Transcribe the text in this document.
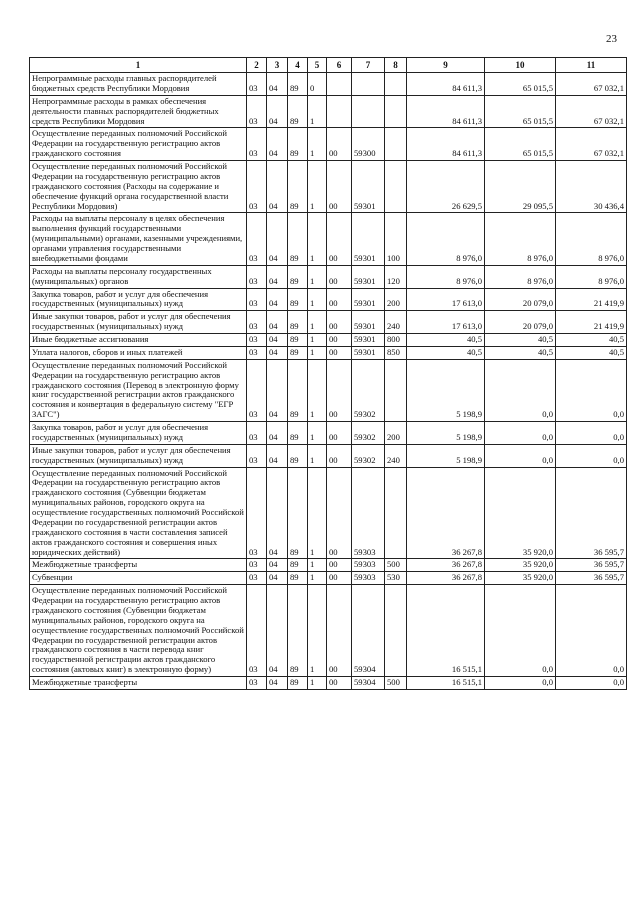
23
1	2	3	4	5	6	7	8	9	10	11
Непрограммные расходы главных распорядителей бюджетных средств Республики Мордовия	03	04	89	0				84 611,3	65 015,5	67 032,1
Непрограммные расходы в рамках обеспечения деятельности главных распорядителей бюджетных средств Республики Мордовия	03	04	89	1				84 611,3	65 015,5	67 032,1
Осуществление переданных полномочий Российской Федерации на государственную регистрацию актов гражданского состояния	03	04	89	1	00	59300		84 611,3	65 015,5	67 032,1
Осуществление переданных полномочий Российской Федерации на государственную регистрацию актов гражданского состояния (Расходы на содержание и обеспечение функций органа государственной власти Республики Мордовия)	03	04	89	1	00	59301		26 629,5	29 095,5	30 436,4
Расходы на выплаты персоналу в целях обеспечения выполнения функций государственными (муниципальными) органами, казенными учреждениями, органами управления государственными внебюджетными фондами	03	04	89	1	00	59301	100	8 976,0	8 976,0	8 976,0
Расходы на выплаты персоналу государственных (муниципальных) органов	03	04	89	1	00	59301	120	8 976,0	8 976,0	8 976,0
Закупка товаров, работ и услуг для обеспечения государственных (муниципальных) нужд	03	04	89	1	00	59301	200	17 613,0	20 079,0	21 419,9
Иные закупки товаров, работ и услуг для обеспечения государственных (муниципальных) нужд	03	04	89	1	00	59301	240	17 613,0	20 079,0	21 419,9
Иные бюджетные ассигнования	03	04	89	1	00	59301	800	40,5	40,5	40,5
Уплата налогов, сборов и иных платежей	03	04	89	1	00	59301	850	40,5	40,5	40,5
Осуществление переданных полномочий Российской Федерации на государственную регистрацию актов гражданского состояния (Перевод в электронную форму книг государственной регистрации актов гражданского состояния и конвертация в федеральную систему "ЕГР ЗАГС")	03	04	89	1	00	59302		5 198,9	0,0	0,0
Закупка товаров, работ и услуг для обеспечения государственных (муниципальных) нужд	03	04	89	1	00	59302	200	5 198,9	0,0	0,0
Иные закупки товаров, работ и услуг для обеспечения государственных (муниципальных) нужд	03	04	89	1	00	59302	240	5 198,9	0,0	0,0
Осуществление переданных полномочий Российской Федерации на государственную регистрацию актов гражданского состояния (Субвенции бюджетам муниципальных районов, городского округа на осуществление государственных полномочий Российской Федерации по государственной регистрации актов гражданского состояния в части составления записей актов гражданского состояния и совершения иных юридических действий)	03	04	89	1	00	59303		36 267,8	35 920,0	36 595,7
Межбюджетные трансферты	03	04	89	1	00	59303	500	36 267,8	35 920,0	36 595,7
Субвенции	03	04	89	1	00	59303	530	36 267,8	35 920,0	36 595,7
Осуществление переданных полномочий Российской Федерации на государственную регистрацию актов гражданского состояния (Субвенции бюджетам муниципальных районов, городского округа на осуществление государственных полномочий Российской Федерации по государственной регистрации актов гражданского состояния в части перевода книг государственной регистрации актов гражданского состояния (актовых книг) в электронную форму)	03	04	89	1	00	59304		16 515,1	0,0	0,0
Межбюджетные трансферты	03	04	89	1	00	59304	500	16 515,1	0,0	0,0
